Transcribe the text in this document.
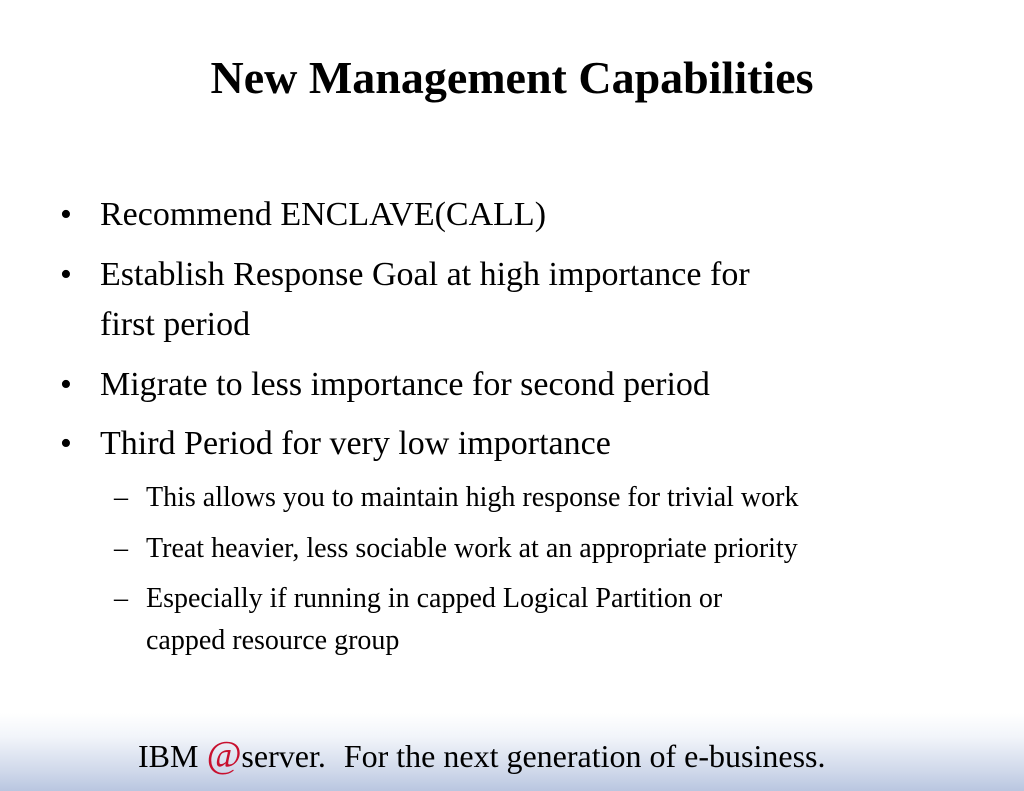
New Management Capabilities
• Recommend ENCLAVE(CALL)
• Establish Response Goal at high importance for
first period
• Migrate to less importance for second period
• Third Period for very low importance
– This allows you to maintain high response for trivial work
– Treat heavier, less sociable work at an appropriate priority
– Especially if running in capped Logical Partition or
capped resource group
IBM @server. For the next generation of e-business.
